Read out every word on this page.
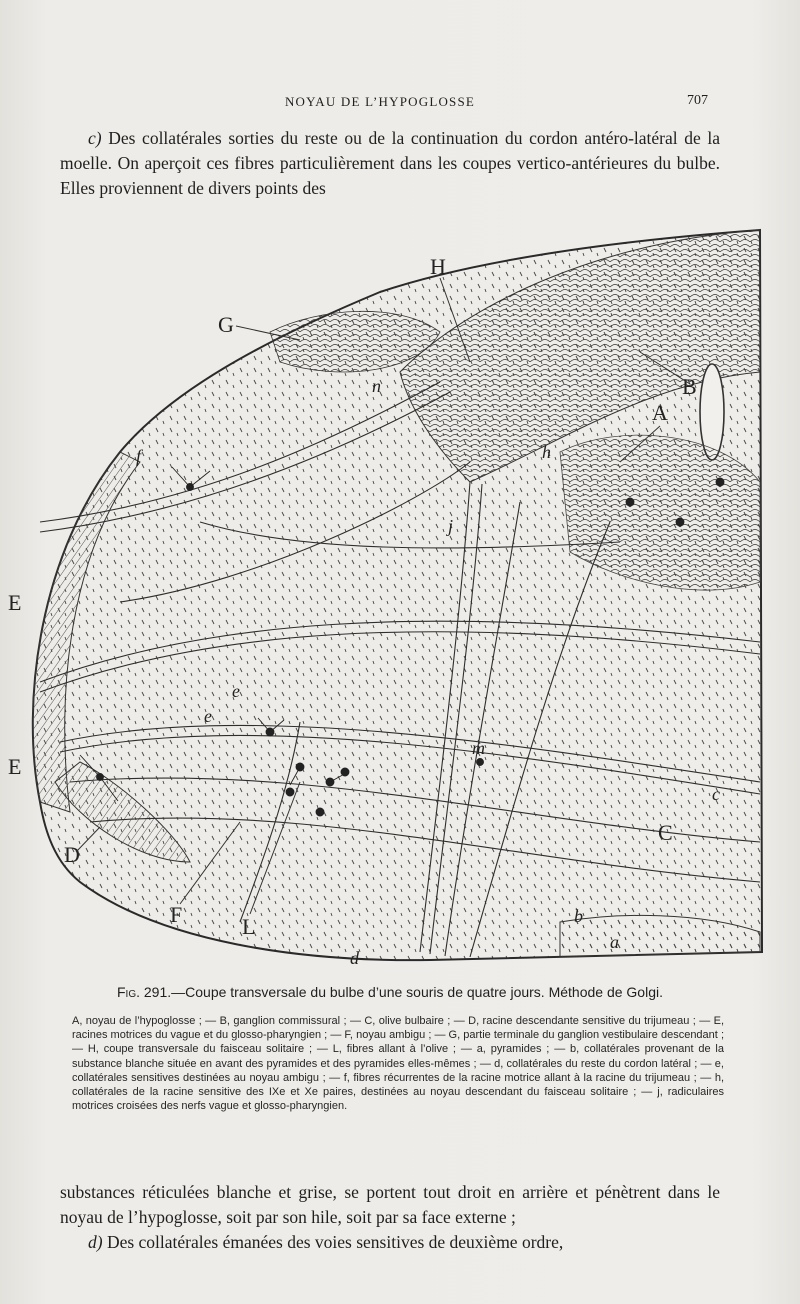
NOYAU DE L’HYPOGLOSSE	707

c) Des collatérales sorties du reste ou de la continuation du cordon antéro-latéral de la moelle. On aperçoit ces fibres particulièrement dans les coupes vertico-antérieures du bulbe. Elles proviennent de divers points des

H
G
B
A
n
f	h
j
E
E
e
e
m
c
C
D
F	L
d
b
a

Fig. 291.—Coupe transversale du bulbe d’une souris de quatre jours. Méthode de Golgi.

A, noyau de l’hypoglosse ; — B, ganglion commissural ; — C, olive bulbaire ; — D, racine descendante sensitive du trijumeau ; — E, racines motrices du vague et du glosso-pharyngien ; — F, noyau ambigu ; — G, partie terminale du ganglion vestibulaire descendant ; — H, coupe transversale du faisceau solitaire ; — L, fibres allant à l’olive ; — a, pyramides ; — b, collatérales provenant de la substance blanche située en avant des pyramides et des pyramides elles-mêmes ; — d, collatérales du reste du cordon latéral ; — e, collatérales sensitives destinées au noyau ambigu ; — f, fibres récurrentes de la racine motrice allant à la racine du trijumeau ; — h, collatérales de la racine sensitive des IXe et Xe paires, destinées au noyau descendant du faisceau solitaire ; — j, radiculaires motrices croisées des nerfs vague et glosso-pharyngien.

substances réticulées blanche et grise, se portent tout droit en arrière et pénètrent dans le noyau de l’hypoglosse, soit par son hile, soit par sa face externe ;
d) Des collatérales émanées des voies sensitives de deuxième ordre,
